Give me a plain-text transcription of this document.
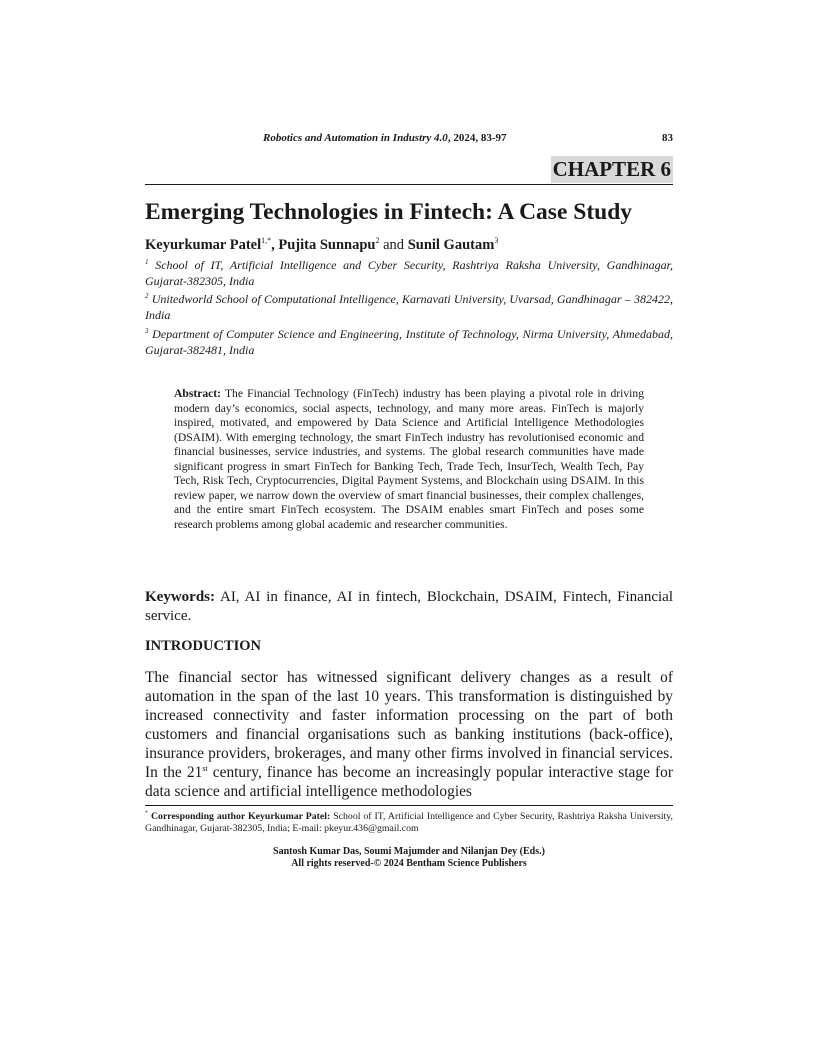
Robotics and Automation in Industry 4.0, 2024, 83-97	83
CHAPTER 6
Emerging Technologies in Fintech: A Case Study
Keyurkumar Patel$^{1,*}$, Pujita Sunnapu$^2$ and Sunil Gautam$^3$
$^1$ School of IT, Artificial Intelligence and Cyber Security, Rashtriya Raksha University, Gandhinagar, Gujarat-382305, India
$^2$ Unitedworld School of Computational Intelligence, Karnavati University, Uvarsad, Gandhinagar – 382422, India
$^3$ Department of Computer Science and Engineering, Institute of Technology, Nirma University, Ahmedabad, Gujarat-382481, India
Abstract: The Financial Technology (FinTech) industry has been playing a pivotal role in driving modern day’s economics, social aspects, technology, and many more areas. FinTech is majorly inspired, motivated, and empowered by Data Science and Artificial Intelligence Methodologies (DSAIM). With emerging technology, the smart FinTech industry has revolutionised economic and financial businesses, service industries, and systems. The global research communities have made significant progress in smart FinTech for Banking Tech, Trade Tech, InsurTech, Wealth Tech, Pay Tech, Risk Tech, Cryptocurrencies, Digital Payment Systems, and Blockchain using DSAIM. In this review paper, we narrow down the overview of smart financial businesses, their complex challenges, and the entire smart FinTech ecosystem. The DSAIM enables smart FinTech and poses some research problems among global academic and researcher communities.
Keywords: AI, AI in finance, AI in fintech, Blockchain, DSAIM, Fintech, Financial service.
INTRODUCTION

The financial sector has witnessed significant delivery changes as a result of automation in the span of the last 10 years. This transformation is distinguished by increased connectivity and faster information processing on the part of both customers and financial organisations such as banking institutions (back-office), insurance providers, brokerages, and many other firms involved in financial services. In the 21st century, finance has become an increasingly popular interactive stage for data science and artificial intelligence methodologies

* Corresponding author Keyurkumar Patel: School of IT, Artificial Intelligence and Cyber Security, Rashtriya Raksha University, Gandhinagar, Gujarat-382305, India; E-mail: pkeyur.436@gmail.com
Santosh Kumar Das, Soumi Majumder and Nilanjan Dey (Eds.)
All rights reserved-© 2024 Bentham Science Publishers
